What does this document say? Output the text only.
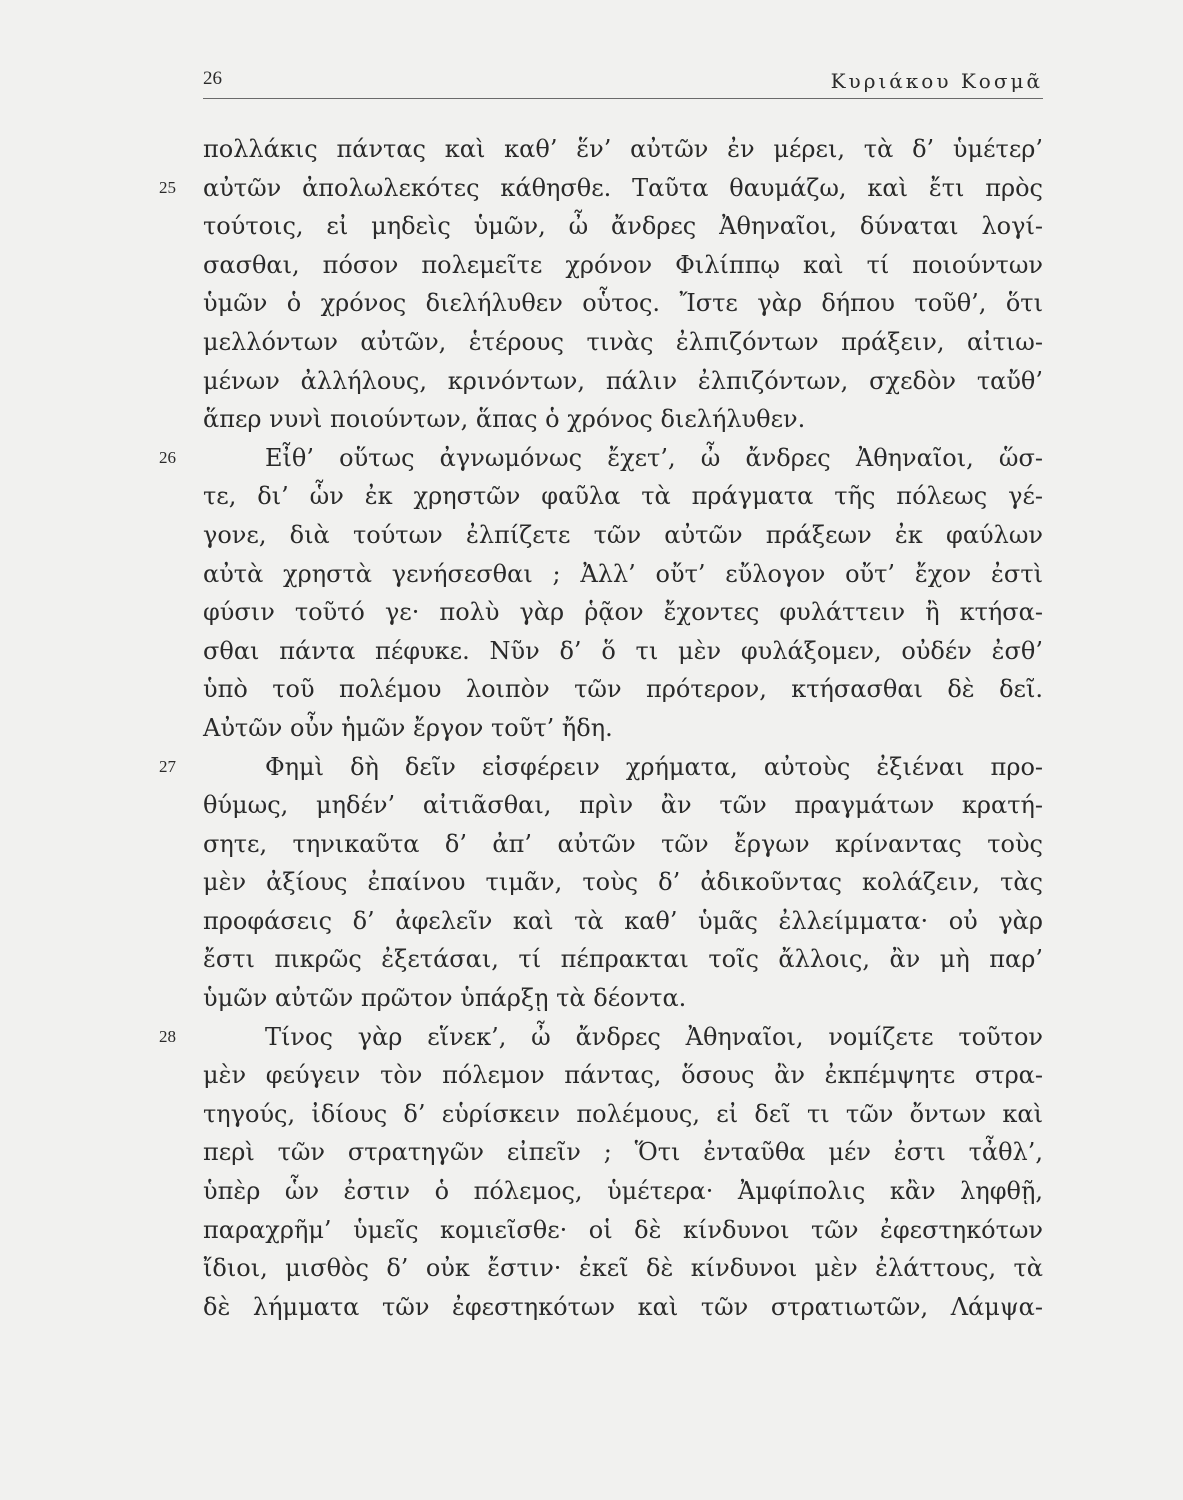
26	Κυριάκου Κοσμᾶ
πολλάκις πάντας καὶ καθ’ ἕν’ αὐτῶν ἐν μέρει, τὰ δ’ ὑμέτερ’
25 αὐτῶν ἀπολωλεκότες κάθησθε. Ταῦτα θαυμάζω, καὶ ἔτι πρὸς
τούτοις, εἰ μηδεὶς ὑμῶν, ὦ ἄνδρες Ἀθηναῖοι, δύναται λογί-
σασθαι, πόσον πολεμεῖτε χρόνον Φιλίππῳ καὶ τί ποιούντων
ὑμῶν ὁ χρόνος διελήλυθεν οὗτος. Ἴστε γὰρ δήπου τοῦθ’, ὅτι
μελλόντων αὐτῶν, ἑτέρους τινὰς ἐλπιζόντων πράξειν, αἰτιω-
μένων ἀλλήλους, κρινόντων, πάλιν ἐλπιζόντων, σχεδὸν ταὔθ’
ἅπερ νυνὶ ποιούντων, ἅπας ὁ χρόνος διελήλυθεν.
26	Εἶθ’ οὕτως ἀγνωμόνως ἔχετ’, ὦ ἄνδρες Ἀθηναῖοι, ὥσ-
τε, δι’ ὧν ἐκ χρηστῶν φαῦλα τὰ πράγματα τῆς πόλεως γέ-
γονε, διὰ τούτων ἐλπίζετε τῶν αὐτῶν πράξεων ἐκ φαύλων
αὐτὰ χρηστὰ γενήσεσθαι ; Ἀλλ’ οὔτ’ εὔλογον οὔτ’ ἔχον ἐστὶ
φύσιν τοῦτό γε· πολὺ γὰρ ῥᾷον ἔχοντες φυλάττειν ἢ κτήσα-
σθαι πάντα πέφυκε. Νῦν δ’ ὅ τι μὲν φυλάξομεν, οὐδέν ἐσθ’
ὑπὸ τοῦ πολέμου λοιπὸν τῶν πρότερον, κτήσασθαι δὲ δεῖ.
Αὐτῶν οὖν ἡμῶν ἔργον τοῦτ’ ἤδη.
27	Φημὶ δὴ δεῖν εἰσφέρειν χρήματα, αὐτοὺς ἐξιέναι προ-
θύμως, μηδέν’ αἰτιᾶσθαι, πρὶν ἂν τῶν πραγμάτων κρατή-
σητε, τηνικαῦτα δ’ ἀπ’ αὐτῶν τῶν ἔργων κρίναντας τοὺς
μὲν ἀξίους ἐπαίνου τιμᾶν, τοὺς δ’ ἀδικοῦντας κολάζειν, τὰς
προφάσεις δ’ ἀφελεῖν καὶ τὰ καθ’ ὑμᾶς ἐλλείμματα· οὐ γὰρ
ἔστι πικρῶς ἐξετάσαι, τί πέπρακται τοῖς ἄλλοις, ἂν μὴ παρ’
ὑμῶν αὐτῶν πρῶτον ὑπάρξῃ τὰ δέοντα.
28	Τίνος γὰρ εἵνεκ’, ὦ ἄνδρες Ἀθηναῖοι, νομίζετε τοῦτον
μὲν φεύγειν τὸν πόλεμον πάντας, ὅσους ἂν ἐκπέμψητε στρα-
τηγούς, ἰδίους δ’ εὑρίσκειν πολέμους, εἰ δεῖ τι τῶν ὄντων καὶ
περὶ τῶν στρατηγῶν εἰπεῖν ; Ὅτι ἐνταῦθα μέν ἐστι τἆθλ’,
ὑπὲρ ὧν ἐστιν ὁ πόλεμος, ὑμέτερα· Ἀμφίπολις κἂν ληφθῇ,
παραχρῆμ’ ὑμεῖς κομιεῖσθε· οἱ δὲ κίνδυνοι τῶν ἐφεστηκότων
ἴδιοι, μισθὸς δ’ οὐκ ἔστιν· ἐκεῖ δὲ κίνδυνοι μὲν ἐλάττους, τὰ
δὲ λήμματα τῶν ἐφεστηκότων καὶ τῶν στρατιωτῶν, Λάμψα-
